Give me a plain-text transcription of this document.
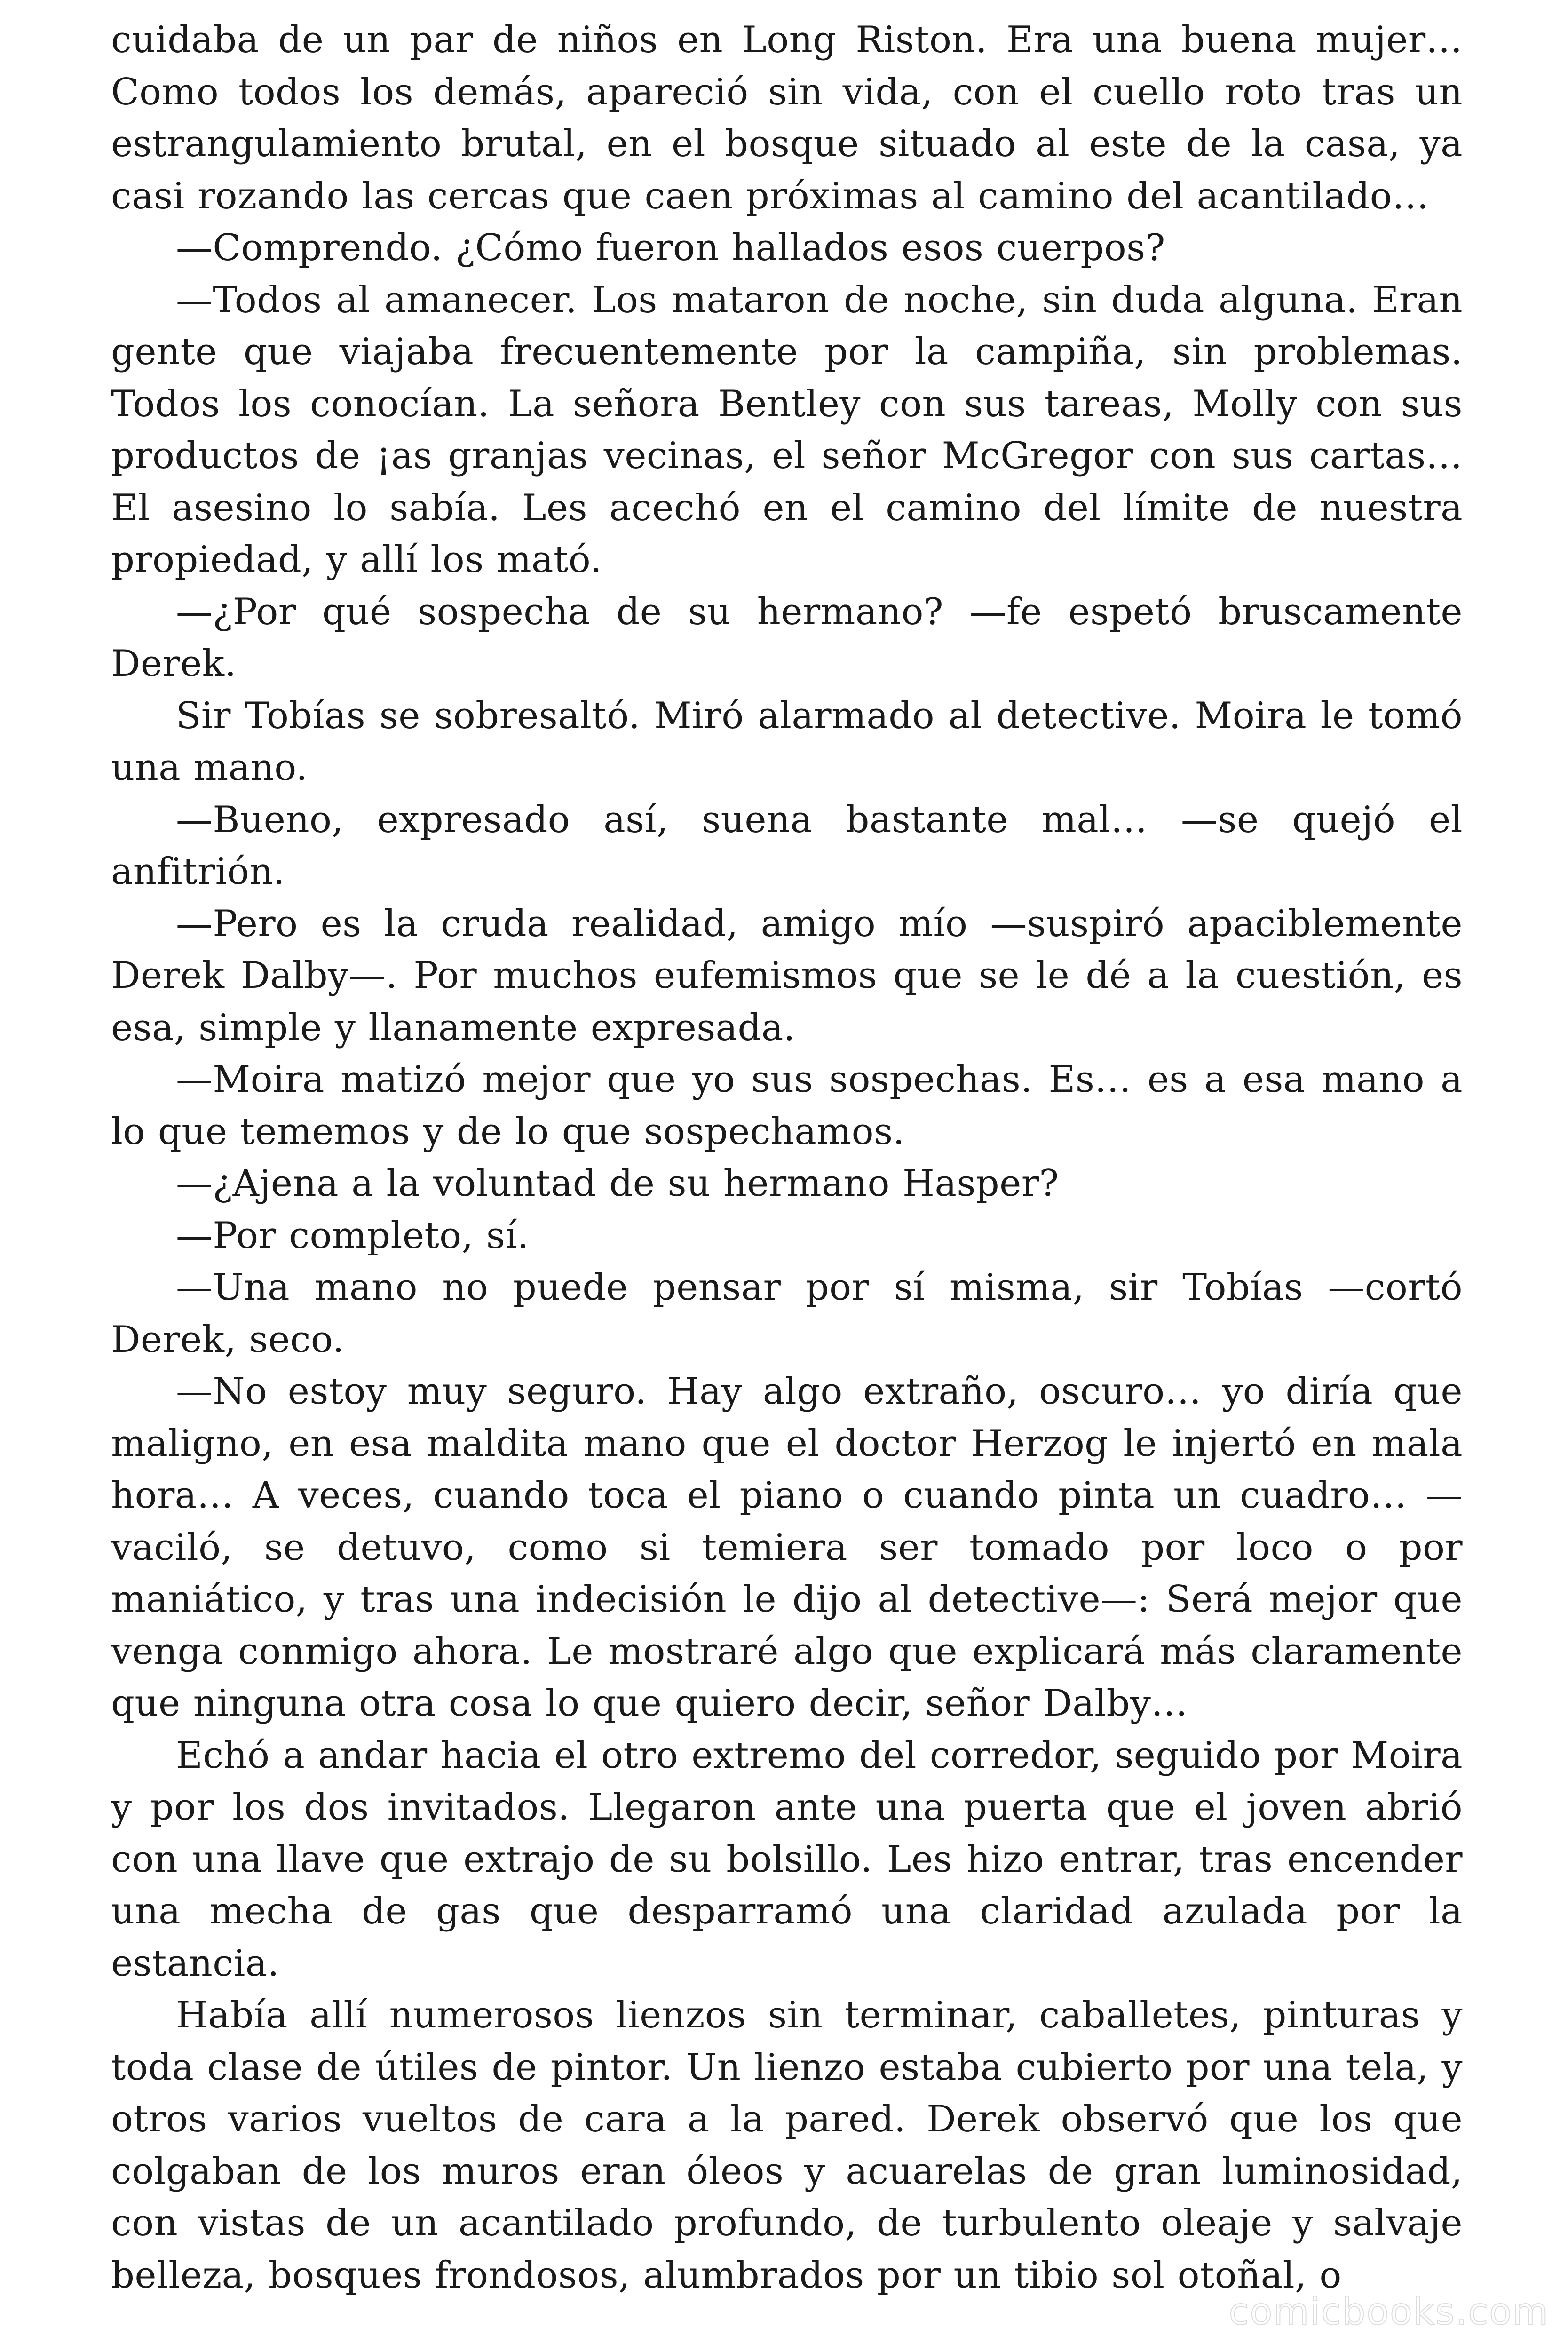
cuidaba de un par de niños en Long Riston. Era una buena mujer… Como todos los demás, apareció sin vida, con el cuello roto tras un estrangulamiento brutal, en el bosque situado al este de la casa, ya casi rozando las cercas que caen próximas al camino del acantilado…

—Comprendo. ¿Cómo fueron hallados esos cuerpos?

—Todos al amanecer. Los mataron de noche, sin duda alguna. Eran gente que viajaba frecuentemente por la campiña, sin problemas. Todos los conocían. La señora Bentley con sus tareas, Molly con sus productos de ¡as granjas vecinas, el señor McGregor con sus cartas… El asesino lo sabía. Les acechó en el camino del límite de nuestra propiedad, y allí los mató.

—¿Por qué sospecha de su hermano? —fe espetó bruscamente Derek.

Sir Tobías se sobresaltó. Miró alarmado al detective. Moira le tomó una mano.

—Bueno, expresado así, suena bastante mal… —se quejó el anfitrión.

—Pero es la cruda realidad, amigo mío —suspiró apaciblemente Derek Dalby—. Por muchos eufemismos que se le dé a la cuestión, es esa, simple y llanamente expresada.

—Moira matizó mejor que yo sus sospechas. Es… es a esa mano a lo que tememos y de lo que sospechamos.

—¿Ajena a la voluntad de su hermano Hasper?

—Por completo, sí.

—Una mano no puede pensar por sí misma, sir Tobías —cortó Derek, seco.

—No estoy muy seguro. Hay algo extraño, oscuro… yo diría que maligno, en esa maldita mano que el doctor Herzog le injertó en mala hora… A veces, cuando toca el piano o cuando pinta un cuadro… —vaciló, se detuvo, como si temiera ser tomado por loco o por maniático, y tras una indecisión le dijo al detective—: Será mejor que venga conmigo ahora. Le mostraré algo que explicará más claramente que ninguna otra cosa lo que quiero decir, señor Dalby…

Echó a andar hacia el otro extremo del corredor, seguido por Moira y por los dos invitados. Llegaron ante una puerta que el joven abrió con una llave que extrajo de su bolsillo. Les hizo entrar, tras encender una mecha de gas que desparramó una claridad azulada por la estancia.

Había allí numerosos lienzos sin terminar, caballetes, pinturas y toda clase de útiles de pintor. Un lienzo estaba cubierto por una tela, y otros varios vueltos de cara a la pared. Derek observó que los que colgaban de los muros eran óleos y acuarelas de gran luminosidad, con vistas de un acantilado profundo, de turbulento oleaje y salvaje belleza, bosques frondosos, alumbrados por un tibio sol otoñal, o

comicbooks.com
